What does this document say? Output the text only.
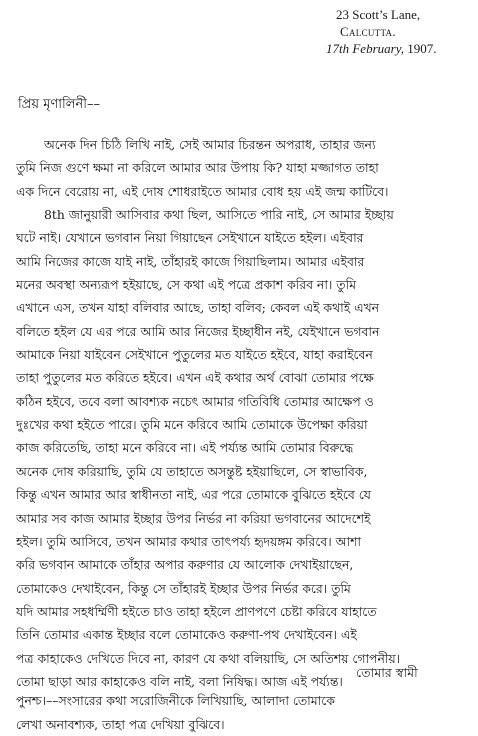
23 Scott’s Lane,
Calcutta.
17th February, 1907.
প্রিয় মৃণালিনী––

অনেক দিন চিঠি লিখি নাই, সেই আমার চিরন্তন অপরাধ, তাহার জন্য
তুমি নিজ গুণে ক্ষমা না করিলে আমার আর উপায় কি? যাহা মজ্জাগত তাহা
এক দিনে বেরোয় না, এই দোষ শোধরাইতে আমার বোধ হয় এই জন্ম কাটিবে।

8th জানুয়ারী আসিবার কথা ছিল, আসিতে পারি নাই, সে আমার ইচ্ছায়
ঘটে নাই। যেখানে ভগবান নিয়া গিয়াছেন সেইখানে যাইতে হইল। এইবার
আমি নিজের কাজে যাই নাই, তাঁহারই কাজে গিয়াছিলাম। আমার এইবার
মনের অবস্থা অন্যরূপ হইয়াছে, সে কথা এই পত্রে প্রকাশ করিব না। তুমি
এখানে এস, তখন যাহা বলিবার আছে, তাহা বলিব; কেবল এই কথাই এখন
বলিতে হইল যে এর পরে আমি আর নিজের ইচ্ছাধীন নই, যেইখানে ভগবান
আমাকে নিয়া যাইবেন সেইখানে পুতুলের মত যাইতে হইবে, যাহা করাইবেন
তাহা পুতুলের মত করিতে হইবে। এখন এই কথার অর্থ বোঝা তোমার পক্ষে
কঠিন হইবে, তবে বলা আবশ্যক নচেৎ আমার গতিবিধি তোমার আক্ষেপ ও
দুঃখের কথা হইতে পারে। তুমি মনে করিবে আমি তোমাকে উপেক্ষা করিয়া
কাজ করিতেছি, তাহা মনে করিবে না। এই পর্য্যন্ত আমি তোমার বিরুদ্ধে
অনেক দোষ করিয়াছি, তুমি যে তাহাতে অসন্তুষ্ট হইয়াছিলে, সে স্বাভাবিক,
কিন্তু এখন আমার আর স্বাধীনতা নাই, এর পরে তোমাকে বুঝিতে হইবে যে
আমার সব কাজ আমার ইচ্ছার উপর নির্ভর না করিয়া ভগবানের আদেশেই
হইল। তুমি আসিবে, তখন আমার কথার তাৎপর্য্য হৃদয়ঙ্গম করিবে। আশা
করি ভগবান আমাকে তাঁহার অপার করুণার যে আলোক দেখাইয়াছেন,
তোমাকেও দেখাইবেন, কিন্তু সে তাঁহারই ইচ্ছার উপর নির্ভর করে। তুমি
যদি আমার সহধর্ম্মিণী হইতে চাও তাহা হইলে প্রাণপণে চেষ্টা করিবে যাহাতে
তিনি তোমার একান্ত ইচ্ছার বলে তোমাকেও করুণা-পথ দেখাইবেন। এই
পত্র কাহাকেও দেখিতে দিবে না, কারণ যে কথা বলিয়াছি, সে অতিশয় গোপনীয়।
তোমা ছাড়া আর কাহাকেও বলি নাই, বলা নিষিদ্ধ। আজ এই পর্য্যন্ত।

তোমার স্বামী
পুনশ্চ।––সংসারের কথা সরোজিনীকে লিখিয়াছি, আলাদা তোমাকে
লেখা অনাবশ্যক, তাহা পত্র দেখিয়া বুঝিবে।
